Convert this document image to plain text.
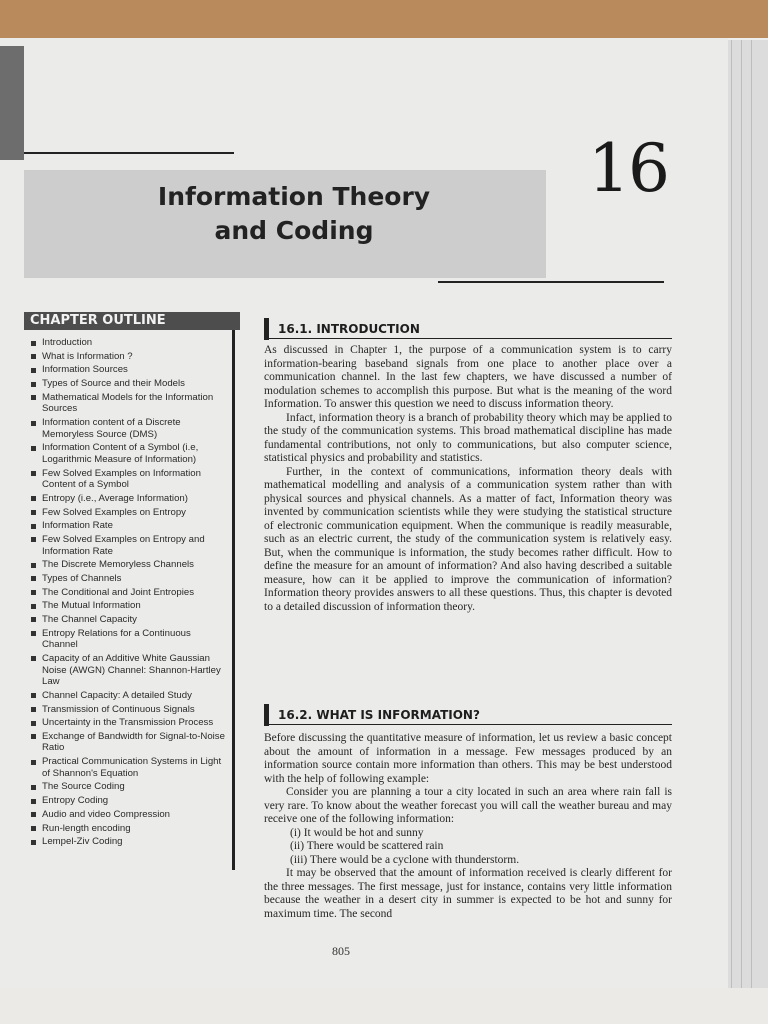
Information Theory
and Coding
16
CHAPTER OUTLINE
Introduction
What is Information ?
Information Sources
Types of Source and their Models
Mathematical Models for the Information Sources
Information content of a Discrete Memoryless Source (DMS)
Information Content of a Symbol (i.e, Logarithmic Measure of Information)
Few Solved Examples on Information Content of a Symbol
Entropy (i.e., Average Information)
Few Solved Examples on Entropy
Information Rate
Few Solved Examples on Entropy and Information Rate
The Discrete Memoryless Channels
Types of Channels
The Conditional and Joint Entropies
The Mutual Information
The Channel Capacity
Entropy Relations for a Continuous Channel
Capacity of an Additive White Gaussian Noise (AWGN) Channel: Shannon-Hartley Law
Channel Capacity: A detailed Study
Transmission of Continuous Signals
Uncertainty in the Transmission Process
Exchange of Bandwidth for Signal-to-Noise Ratio
Practical Communication Systems in Light of Shannon's Equation
The Source Coding
Entropy Coding
Audio and video Compression
Run-length encoding
Lempel-Ziv Coding
16.1. INTRODUCTION

As discussed in Chapter 1, the purpose of a communication system is to carry information-bearing baseband signals from one place to another place over a communication channel. In the last few chapters, we have discussed a number of modulation schemes to accomplish this purpose. But what is the meaning of the word Information. To answer this question we need to discuss information theory.

Infact, information theory is a branch of probability theory which may be applied to the study of the communication systems. This broad mathematical discipline has made fundamental contributions, not only to communications, but also computer science, statistical physics and probability and statistics.

Further, in the context of communications, information theory deals with mathematical modelling and analysis of a communication system rather than with physical sources and physical channels. As a matter of fact, Information theory was invented by communication scientists while they were studying the statistical structure of electronic communication equipment. When the communique is readily measurable, such as an electric current, the study of the communication system is relatively easy. But, when the communique is information, the study becomes rather difficult. How to define the measure for an amount of information? And also having described a suitable measure, how can it be applied to improve the communication of information? Information theory provides answers to all these questions. Thus, this chapter is devoted to a detailed discussion of information theory.

16.2. WHAT IS INFORMATION?

Before discussing the quantitative measure of information, let us review a basic concept about the amount of information in a message. Few messages produced by an information source contain more information than others. This may be best understood with the help of following example:

Consider you are planning a tour a city located in such an area where rain fall is very rare. To know about the weather forecast you will call the weather bureau and may receive one of the following information:

(i) It would be hot and sunny

(ii) There would be scattered rain

(iii) There would be a cyclone with thunderstorm.

It may be observed that the amount of information received is clearly different for the three messages. The first message, just for instance, contains very little information because the weather in a desert city in summer is expected to be hot and sunny for maximum time. The second

805
